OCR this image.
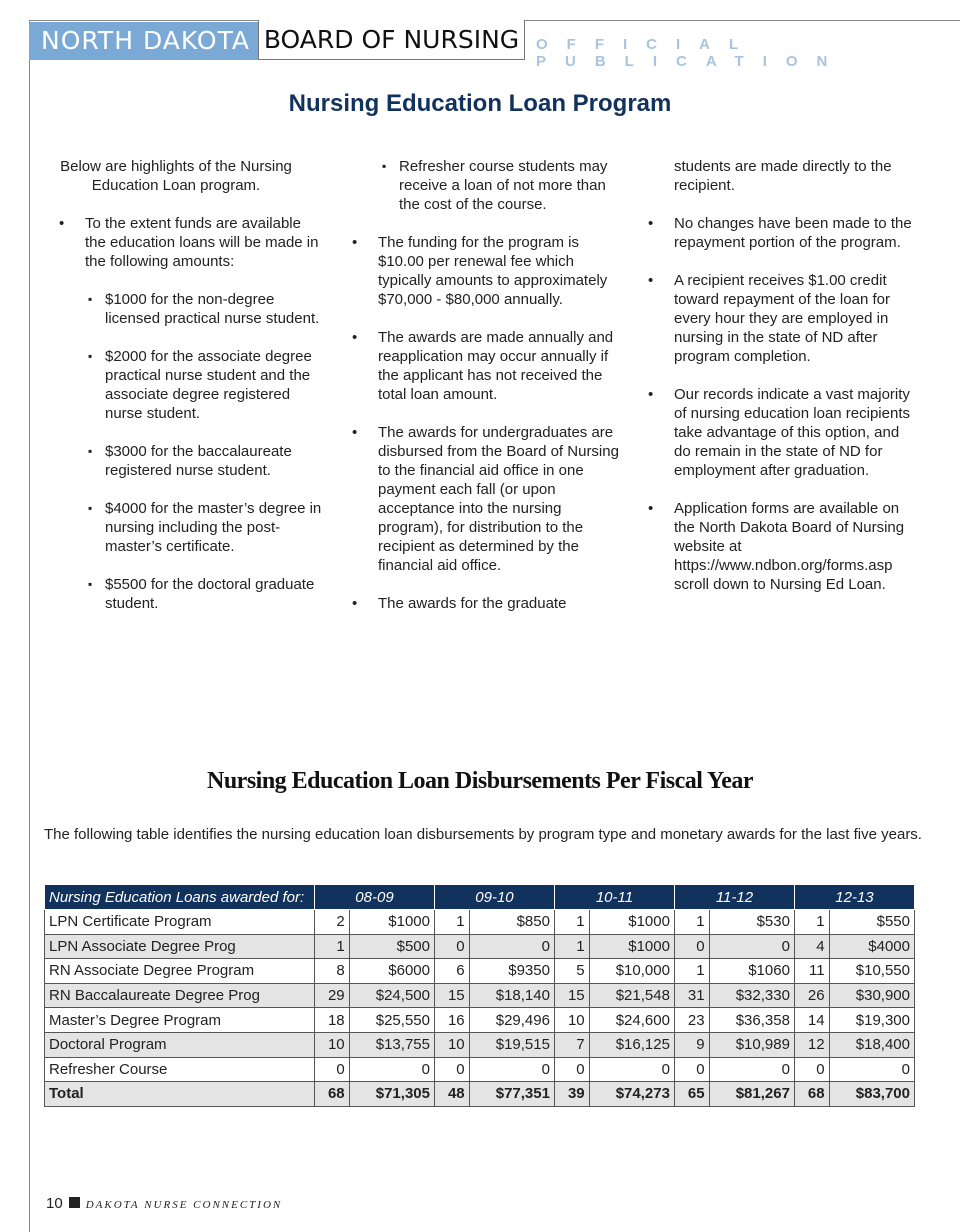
NORTH DAKOTA BOARD OF NURSING	OFFICIAL PUBLICATION
Nursing Education Loan Program

Below are highlights of the Nursing Education Loan program.

• To the extent funds are available the education loans will be made in the following amounts:

▪ $1000 for the non-degree licensed practical nurse student.

▪ $2000 for the associate degree practical nurse student and the associate degree registered nurse student.

▪ $3000 for the baccalaureate registered nurse student.

▪ $4000 for the master’s degree in nursing including the post-master’s certificate.

▪ $5500 for the doctoral graduate student.

▪ Refresher course students may receive a loan of not more than the cost of the course.

• The funding for the program is $10.00 per renewal fee which typically amounts to approximately $70,000 - $80,000 annually.

• The awards are made annually and reapplication may occur annually if the applicant has not received the total loan amount.

• The awards for undergraduates are disbursed from the Board of Nursing to the financial aid office in one payment each fall (or upon acceptance into the nursing program), for distribution to the recipient as determined by the financial aid office.

• The awards for the graduate

students are made directly to the recipient.

• No changes have been made to the repayment portion of the program.

• A recipient receives $1.00 credit toward repayment of the loan for every hour they are employed in nursing in the state of ND after program completion.

• Our records indicate a vast majority of nursing education loan recipients take advantage of this option, and do remain in the state of ND for employment after graduation.

• Application forms are available on the North Dakota Board of Nursing website at https://www.ndbon.org/forms.asp scroll down to Nursing Ed Loan.

Nursing Education Loan Disbursements Per Fiscal Year
The following table identifies the nursing education loan disbursements by program type and monetary awards for the last five years.
Nursing Education Loans awarded for:	08-09		09-10		10-11		11-12		12-13	
LPN Certificate Program	2	$1000	1	$850	1	$1000	1	$530	1	$550
LPN Associate Degree Prog	1	$500	0	0	1	$1000	0	0	4	$4000
RN Associate Degree Program	8	$6000	6	$9350	5	$10,000	1	$1060	11	$10,550
RN Baccalaureate Degree Prog	29	$24,500	15	$18,140	15	$21,548	31	$32,330	26	$30,900
Master’s Degree Program	18	$25,550	16	$29,496	10	$24,600	23	$36,358	14	$19,300
Doctoral Program	10	$13,755	10	$19,515	7	$16,125	9	$10,989	12	$18,400
Refresher Course	0	0	0	0	0	0	0	0	0	0
Total	68	$71,305	48	$77,351	39	$74,273	65	$81,267	68	$83,700
10 DAKOTA NURSE CONNECTION
